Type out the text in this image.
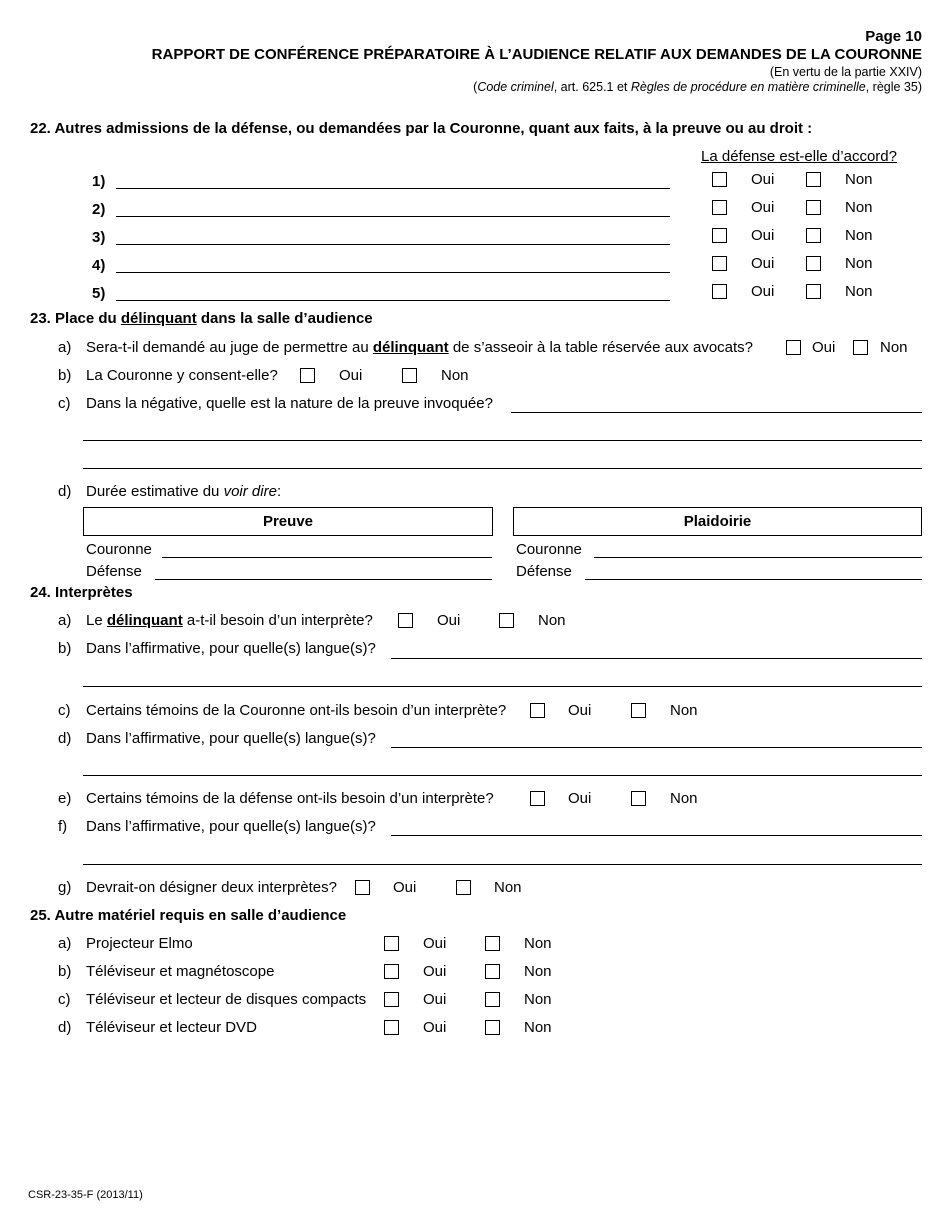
Page 10
RAPPORT DE CONFÉRENCE PRÉPARATOIRE À L’AUDIENCE RELATIF AUX DEMANDES DE LA COURONNE
(En vertu de la partie XXIV)
(Code criminel, art. 625.1 et Règles de procédure en matière criminelle, règle 35)
22. Autres admissions de la défense, ou demandées par la Couronne, quant aux faits, à la preuve ou au droit :
La défense est-elle d’accord?
1)	Oui	Non
2)	Oui	Non
3)	Oui	Non
4)	Oui	Non
5)	Oui	Non
23. Place du délinquant dans la salle d’audience
a) Sera-t-il demandé au juge de permettre au délinquant de s’asseoir à la table réservée aux avocats?	Oui	Non
b) La Couronne y consent-elle?	Oui	Non
c) Dans la négative, quelle est la nature de la preuve invoquée?
d) Durée estimative du voir dire:
Preuve	Plaidoirie
Couronne	Couronne
Défense	Défense
24. Interprètes
a) Le délinquant a-t-il besoin d’un interprète?	Oui	Non
b) Dans l’affirmative, pour quelle(s) langue(s)?
c) Certains témoins de la Couronne ont-ils besoin d’un interprète?	Oui	Non
d) Dans l’affirmative, pour quelle(s) langue(s)?
e) Certains témoins de la défense ont-ils besoin d’un interprète?	Oui	Non
f) Dans l’affirmative, pour quelle(s) langue(s)?
g) Devrait-on désigner deux interprètes?	Oui	Non
25. Autre matériel requis en salle d’audience
a) Projecteur Elmo	Oui	Non
b) Téléviseur et magnétoscope	Oui	Non
c) Téléviseur et lecteur de disques compacts	Oui	Non
d) Téléviseur et lecteur DVD	Oui	Non
CSR-23-35-F (2013/11)
